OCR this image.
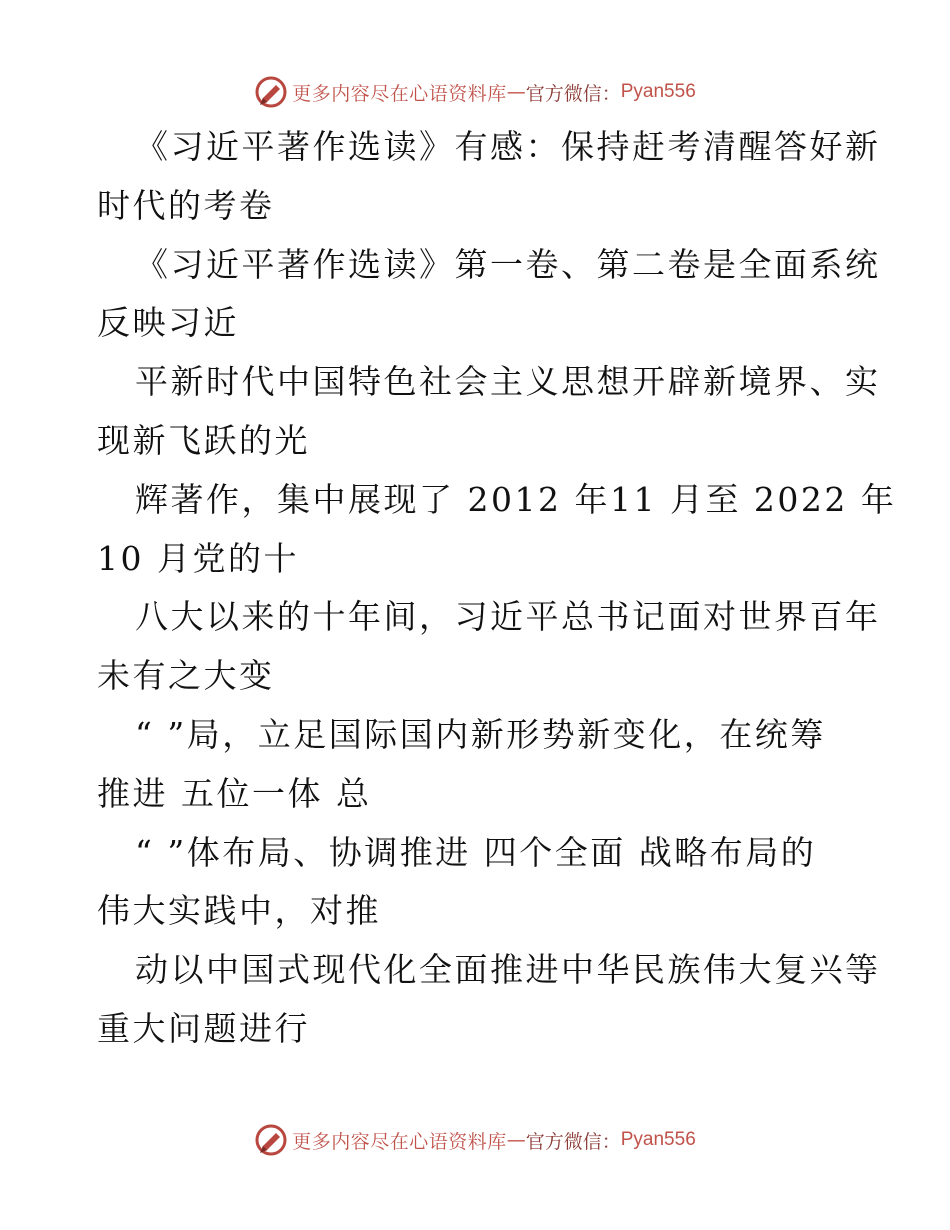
更多内容尽在心语资料库 — 官方微信： Pyan556
《习近平著作选读》有感：保持赶考清醒答好新
时代的考卷
《习近平著作选读》第一卷、第二卷是全面系统
反映习近
平新时代中国特色社会主义思想开辟新境界、实
现新飞跃的光
辉著作，集中展现了 2012 年11 月至 2022 年
10 月党的十
八大以来的十年间，习近平总书记面对世界百年
未有之大变
“ ”局，立足国际国内新形势新变化，在统筹
推进 五位一体 总
“ ”体布局、协调推进 四个全面 战略布局的
伟大实践中，对推
动以中国式现代化全面推进中华民族伟大复兴等
重大问题进行
更多内容尽在心语资料库 — 官方微信： Pyan556
